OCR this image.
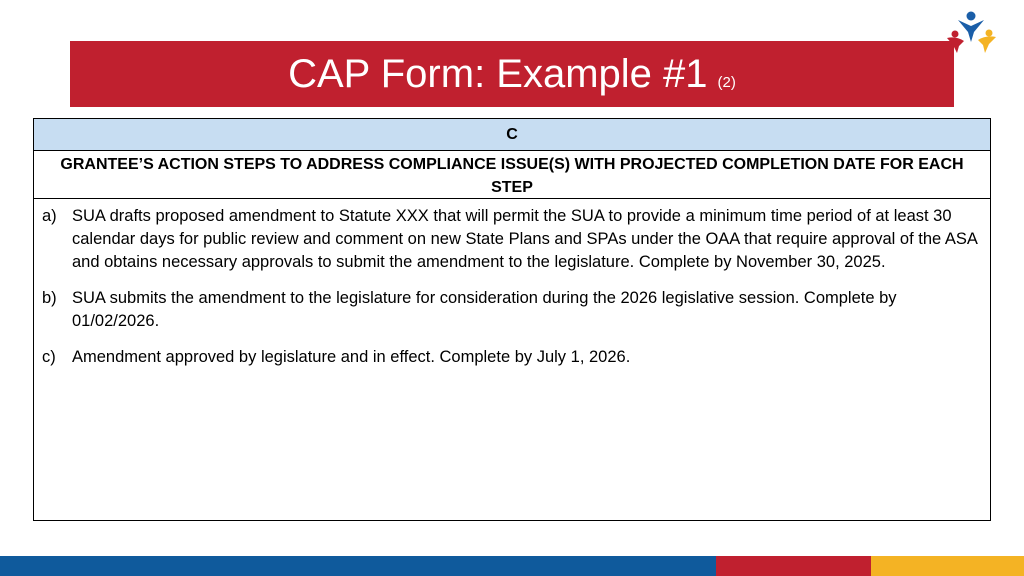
CAP Form: Example #1 (2)
C
GRANTEE’S ACTION STEPS TO ADDRESS COMPLIANCE ISSUE(S) WITH PROJECTED COMPLETION DATE FOR EACH STEP
a) SUA drafts proposed amendment to Statute XXX that will permit the SUA to provide a minimum time period of at least 30 calendar days for public review and comment on new State Plans and SPAs under the OAA that require approval of the ASA and obtains necessary approvals to submit the amendment to the legislature. Complete by November 30, 2025.
b) SUA submits the amendment to the legislature for consideration during the 2026 legislative session. Complete by 01/02/2026.
c) Amendment approved by legislature and in effect. Complete by July 1, 2026.
